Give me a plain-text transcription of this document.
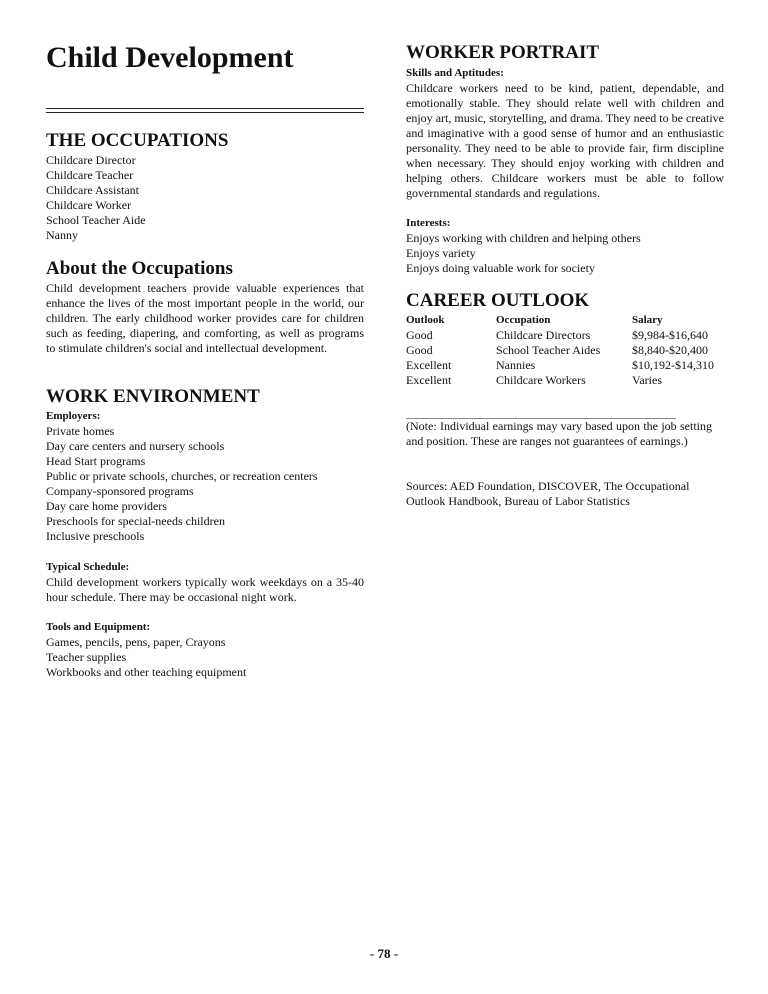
Child Development
THE OCCUPATIONS
Childcare Director
Childcare Teacher
Childcare Assistant
Childcare Worker
School Teacher Aide
Nanny
About the Occupations

Child development teachers provide valuable experiences that enhance the lives of the most important people in the world, our children. The early childhood worker provides care for children such as feeding, diapering, and comforting, as well as programs to stimulate children's social and intellectual development.

WORK ENVIRONMENT
Employers:
Private homes
Day care centers and nursery schools
Head Start programs
Public or private schools, churches, or recreation centers
Company-sponsored programs
Day care home providers
Preschools for special-needs children
Inclusive preschools
Typical Schedule:

Child development workers typically work weekdays on a 35-40 hour schedule. There may be occasional night work.

Tools and Equipment:
Games, pencils, pens, paper, Crayons
Teacher supplies
Workbooks and other teaching equipment
WORKER PORTRAIT
Skills and Aptitudes:

Childcare workers need to be kind, patient, dependable, and emotionally stable. They should relate well with children and enjoy art, music, storytelling, and drama. They need to be creative and imaginative with a good sense of humor and an enthusiastic personality. They need to be able to provide fair, firm discipline when necessary. They should enjoy working with children and helping others. Childcare workers must be able to follow governmental standards and regulations.

Interests:
Enjoys working with children and helping others
Enjoys variety
Enjoys doing valuable work for society
CAREER OUTLOOK
Outlook	Occupation	Salary
Good	Childcare Directors	$9,984-$16,640
Good	School Teacher Aides	$8,840-$20,400
Excellent	Nannies	$10,192-$14,310
Excellent	Childcare Workers	Varies

(Note: Individual earnings may vary based upon the job setting and position. These are ranges not guarantees of earnings.)

Sources: AED Foundation, DISCOVER, The Occupational Outlook Handbook, Bureau of Labor Statistics

- 78 -
